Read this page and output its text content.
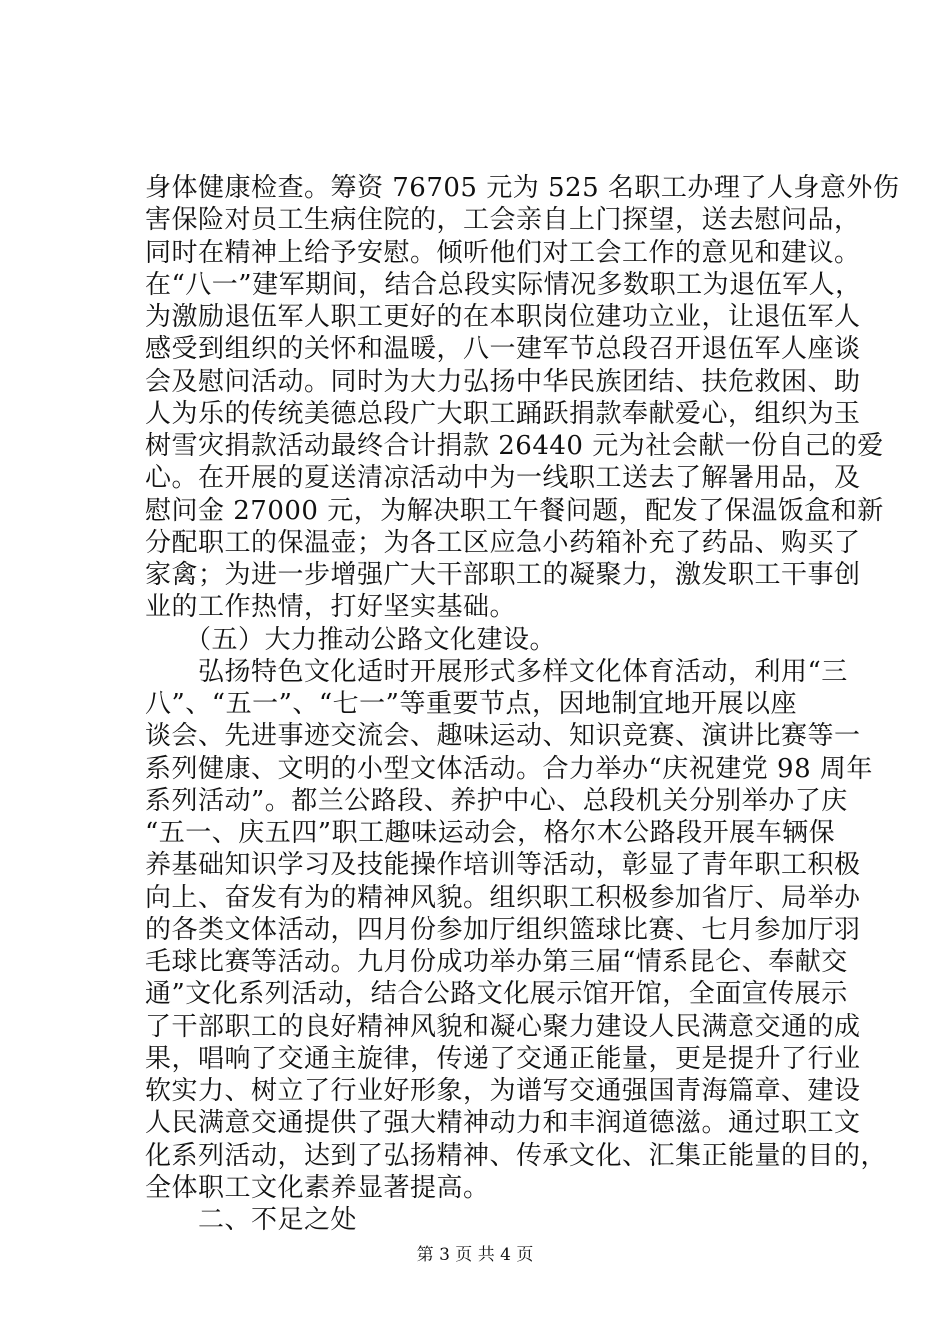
身体健康检查。筹资 76705 元为 525 名职工办理了人身意外伤
害保险对员工生病住院的，工会亲自上门探望，送去慰问品，
同时在精神上给予安慰。倾听他们对工会工作的意见和建议。
在“八一”建军期间，结合总段实际情况多数职工为退伍军人，
为激励退伍军人职工更好的在本职岗位建功立业，让退伍军人
感受到组织的关怀和温暖，八一建军节总段召开退伍军人座谈
会及慰问活动。同时为大力弘扬中华民族团结、扶危救困、助
人为乐的传统美德总段广大职工踊跃捐款奉献爱心，组织为玉
树雪灾捐款活动最终合计捐款 26440 元为社会献一份自己的爱
心。在开展的夏送清凉活动中为一线职工送去了解暑用品，及
慰问金 27000 元，为解决职工午餐问题，配发了保温饭盒和新
分配职工的保温壶；为各工区应急小药箱补充了药品、购买了
家禽；为进一步增强广大干部职工的凝聚力，激发职工干事创
业的工作热情，打好坚实基础。
　　（五）大力推动公路文化建设。
　　弘扬特色文化适时开展形式多样文化体育活动，利用“三
八”、“五一”、“七一”等重要节点，因地制宜地开展以座
谈会、先进事迹交流会、趣味运动、知识竞赛、演讲比赛等一
系列健康、文明的小型文体活动。合力举办“庆祝建党 98 周年
系列活动”。都兰公路段、养护中心、总段机关分别举办了庆
“五一、庆五四”职工趣味运动会，格尔木公路段开展车辆保
养基础知识学习及技能操作培训等活动，彰显了青年职工积极
向上、奋发有为的精神风貌。组织职工积极参加省厅、局举办
的各类文体活动，四月份参加厅组织篮球比赛、七月参加厅羽
毛球比赛等活动。九月份成功举办第三届“情系昆仑、奉献交
通”文化系列活动，结合公路文化展示馆开馆，全面宣传展示
了干部职工的良好精神风貌和凝心聚力建设人民满意交通的成
果，唱响了交通主旋律，传递了交通正能量，更是提升了行业
软实力、树立了行业好形象，为谱写交通强国青海篇章、建设
人民满意交通提供了强大精神动力和丰润道德滋。通过职工文
化系列活动，达到了弘扬精神、传承文化、汇集正能量的目的，
全体职工文化素养显著提高。
　　二、不足之处
第 3 页 共 4 页
